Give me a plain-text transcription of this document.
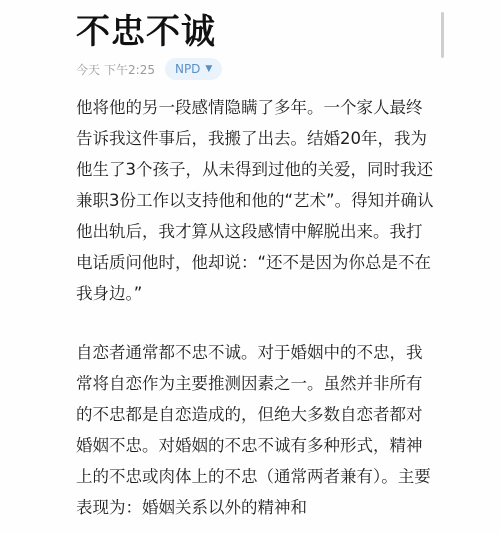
不忠不诚
今天 下午2:25 NPD ▼

他将他的另一段感情隐瞒了多年。一个家人最终告诉我这件事后，我搬了出去。结婚20年，我为他生了3个孩子，从未得到过他的关爱，同时我还兼职3份工作以支持他和他的“艺术”。得知并确认他出轨后，我才算从这段感情中解脱出来。我打电话质问他时，他却说：“还不是因为你总是不在我身边。”

自恋者通常都不忠不诚。对于婚姻中的不忠，我常将自恋作为主要推测因素之一。虽然并非所有的不忠都是自恋造成的，但绝大多数自恋者都对婚姻不忠。对婚姻的不忠不诚有多种形式，精神上的不忠或肉体上的不忠（通常两者兼有）。主要表现为：婚姻关系以外的精神和
